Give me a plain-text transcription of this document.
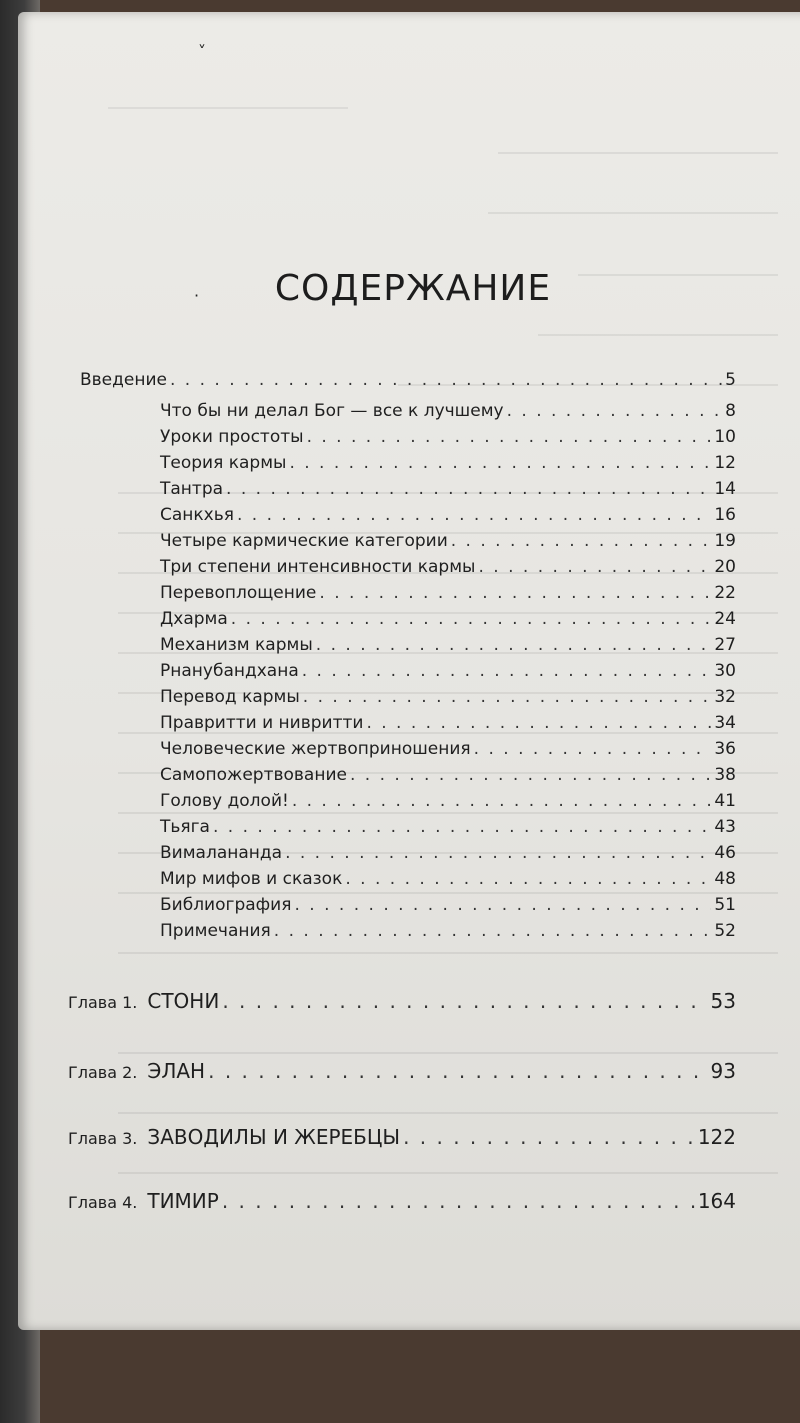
˅
·	СОДЕРЖАНИЕ
Введение . . .	5
Что бы ни делал Бог — все к лучшему . . .	8
Уроки простоты . . .	10
Теория кармы . . .	12
Тантра . . .	14
Санкхья . . .	16
Четыре кармические категории . . .	19
Три степени интенсивности кармы . . .	20
Перевоплощение . . .	22
Дхарма . . .	24
Механизм кармы . . .	27
Рнанубандхана . . .	30
Перевод кармы . . .	32
Правритти и нивритти . . .	34
Человеческие жертвоприношения . . .	36
Самопожертвование . . .	38
Голову долой! . . .	41
Тьяга . . .	43
Вималананда . . .	46
Мир мифов и сказок . . .	48
Библиография . . .	51
Примечания . . .	52
Глава 1. СТОНИ . . .	53
Глава 2. ЭЛАН . . .	93
Глава 3. ЗАВОДИЛЫ И ЖЕРЕБЦЫ . . .	122
Глава 4. ТИМИР . . .	164
